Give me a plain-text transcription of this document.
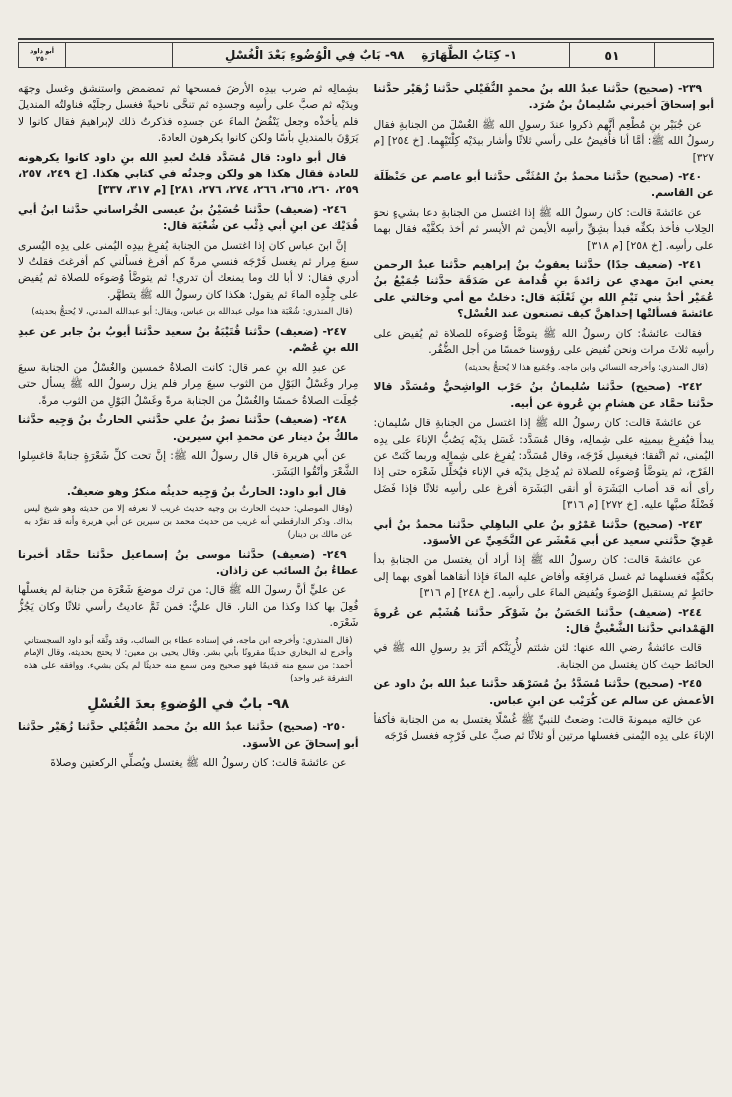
٥١
١- كِتَابُ الطَّهَارَةِ    ٩٨- بَابٌ فِي الْوُضُوءِ بَعْدَ الْغُسْلِ
أبو داود
٢٥٠

٢٣٩- (صحيح) حدَّثنا عبدُ الله بنُ محمدٍ النُّفَيْلي حدَّثنا زُهَيْر حدَّثنا أبو إسحاقَ أخبرني سُليمانُ بنُ صُرَد.

عن جُبَيْر بنِ مُطْعِم أنَّهم ذكروا عندَ رسولِ الله ﷺ الغُسْلَ من الجنابةِ فقال رسولُ الله ﷺ: أمَّا أنا فأُفيضُ على رأسي ثلاثًا وأشار بيدَيْه كِلْتَيْهِما. [خ ٢٥٤] [م ٣٢٧]

٢٤٠- (صحيح) حدَّثنا محمدُ بنُ المُثَنَّى حدَّثنا أبو عاصم عن حَنْظَلَة عن القاسم.

عن عائشةَ قالت: كان رسولُ الله ﷺ إذا اغتسل من الجنابةِ دعا بشيءٍ نحوَ الحِلاب فأخذ بكفِّه فبدأ بشِقِّ رأسِه الأيمن ثم الأيسر ثم أخذ بكفَّيْه فقال بهما على رأسِه. [خ ٢٥٨] [م ٣١٨]

٢٤١- (ضعيف جدًا) حدَّثنا يعقوبُ بنُ إبراهيم حدَّثنا عبدُ الرحمن يعني ابنَ مهدي عن زائدةَ بنِ قُدامة عن صَدَقَة حدَّثنا جُمَيْعُ بنُ عُمَيْر أحدُ بني تَيْمِ الله بنِ ثَعْلَبَة قال: دخلتُ مع أمي وخالتي على عائشةَ فسألتْها إحداهنَّ كيف تصنعون عند الغُسْل؟

فقالت عائشةُ: كان رسولُ الله ﷺ يتوضَّأ وُضوءَه للصلاة ثم يُفيض على رأسِه ثلاثَ مرات ونحن نُفيض على رؤوسنا خمسًا من أجل الضُّفُر.

(قال المنذري: وأخرجه النسائي وابن ماجه. وجُمَيع هذا لا يُحتجُّ بحديثه)

٢٤٢- (صحيح) حدَّثنا سُليمانُ بنُ حَرْب الواشِحيُّ ومُسَدَّد قالا حدَّثنا حمَّاد عن هشامِ بنِ عُروة عن أبيه.

عن عائشةَ قالت: كان رسولُ الله ﷺ إذا اغتسل من الجنابةِ قال سُليمان: يبدأ فيُفرِغ بيمينِه على شِمالِه، وقال مُسَدَّد: غَسَل يدَيْه يَصُبُّ الإناءَ على يدِه اليُمنى، ثم اتَّفقا: فيغسِل فَرْجَه، وقال مُسَدَّد: يُفرِغ على شِمالِه وربما كَنَتْ عن الفَرْج، ثم يتوضَّأ وُضوءَه للصلاة ثم يُدخِل يدَيْه في الإناء فيُخلِّل شَعْرَه حتى إذا رأى أنه قد أصاب البَشَرَة أو أنقى البَشَرَة أفرغ على رأسِه ثلاثًا فإذا فَضَل فَضْلَةٌ صبَّها عليه. [خ ٢٧٢] [م ٣١٦]

٢٤٣- (صحيح) حدَّثنا عَمْرُو بنُ علي الباهِلي حدَّثنا محمدُ بنُ أبي عَدِيّ حدَّثني سعيد عن أبي مَعْشَر عن النَّخَعِيِّ عن الأسوَد.

عن عائشةَ قالت: كان رسولُ الله ﷺ إذا أراد أن يغتسل من الجنابةِ بدأ بكفَّيْه فغسلهما ثم غسل مَرافِغَه وأفاض عليه الماءَ فإذا أنقاهما أهوى بهما إلى حائطٍ ثم يستقبل الوُضوءَ ويُفيض الماءَ على رأسِه. [خ ٢٤٨] [م ٣١٦]

٢٤٤- (ضعيف) حدَّثنا الحَسَنُ بنُ شَوْكَر حدَّثنا هُشَيْم عن عُروةَ الهَمْداني حدَّثنا الشَّعْبيُّ قال:

قالت عائشةُ رضي الله عنها: لئن شئتم لأُرِيَنَّكم أثَرَ يدِ رسولِ الله ﷺ في الحائط حيث كان يغتسل من الجنابة.

٢٤٥- (صحيح) حدَّثنا مُسَدَّدُ بنُ مُسَرْهَد حدَّثنا عبدُ الله بنُ داود عن الأعمش عن سالم عن كُرَيْب عن ابنِ عباس.

عن خالتِه ميمونةَ قالت: وضعتُ للنبيِّ ﷺ غُسْلًا يغتسل به من الجنابة فأكفأ الإناءَ على يدِه اليُمنى فغسلها مرتين أو ثلاثًا ثم صبَّ على فَرْجِه فغسل فَرْجَه

بشِمالِه ثم ضرب بيدِه الأرضَ فمسحها ثم تمضمض واستنشق وغسل وجهَه ويدَيْه ثم صبَّ على رأسِه وجسدِه ثم تنحَّى ناحيةً فغسل رجلَيْه فناولتُه المنديلَ فلم يأخذْه وجعل يَنْفُضُ الماءَ عن جسدِه فذكرتُ ذلك لإبراهيمَ فقال كانوا لا يَرَوْنَ بالمنديلِ بأسًا ولكن كانوا يكرهون العادةَ.

قال أبو داود: قال مُسَدَّد قلتُ لعبدِ الله بنِ داود كانوا يكرهونه للعادة فقال هكذا هو ولكن وجدتُه في كتابي هكذا. [خ ٢٤٩، ٢٥٧، ٢٥٩، ٢٦٠، ٢٦٥، ٢٦٦، ٢٧٤، ٢٧٦، ٢٨١] [م ٣١٧، ٣٣٧]

٢٤٦- (ضعيف) حدَّثنا حُسَيْنُ بنُ عيسى الخُراساني حدَّثنا ابنُ أبي فُدَيْك عن ابنِ أبي ذِئْب عن شُعْبَة قال:

إنَّ ابنَ عباس كان إذا اغتسل من الجنابة يُفرِغ بيدِه اليُمنى على يدِه اليُسرى سبعَ مِرار ثم يغسل فَرْجَه فنسي مرةً كم أفرغ فسألني كم أفرغتَ فقلتُ لا أدري فقال: لا أبا لك وما يمنعك أن تدري! ثم يتوضَّأ وُضوءَه للصلاة ثم يُفيض على جِلْدِه الماءَ ثم يقول: هكذا كان رسولُ الله ﷺ يتطهَّر.

(قال المنذري: شُعْبَة هذا مولى عبدالله بن عباس، ويقال: أبو عبدالله المدني، لا يُحتجُّ بحديثه)

٢٤٧- (ضعيف) حدَّثنا قُتَيْبَةُ بنُ سعيد حدَّثنا أيوبُ بنُ جابر عن عبدِ الله بنِ عُصْم.

عن عبدِ الله بنِ عمر قال: كانت الصلاةُ خمسين والغُسْلُ من الجنابة سبعَ مِرار وغَسْلُ البَوْلِ من الثوب سبعَ مِرار فلم يزل رسولُ الله ﷺ يسأل حتى جُعِلَت الصلاةُ خمسًا والغُسْلُ من الجنابة مرةً وغَسْلُ البَوْلِ من الثوب مرةً.

٢٤٨- (ضعيف) حدَّثنا نصرُ بنُ علي حدَّثني الحارثُ بنُ وَجِيه حدَّثنا مالكُ بنُ دينار عن محمدِ ابنِ سيرين.

عن أبي هريرة قال قال رسولُ الله ﷺ: إنَّ تحت كلِّ شَعْرَةٍ جنابةً فاغسِلوا الشَّعْرَ وأنْقُوا البَشَرَ.

قال أبو داود: الحارثُ بنُ وَجِيه حديثُه منكرٌ وهو ضعيفٌ.

(وقال الموصلي: حديث الحارث بن وجيه حديث غريب لا نعرفه إلا من حديثه وهو شيخ ليس بذاك. وذكر الدارقطني أنه غريب من حديث محمد بن سيرين عن أبي هريرة وأنه قد تفرَّد به عن مالك بن دينار)

٢٤٩- (ضعيف) حدَّثنا موسى بنُ إسماعيل حدَّثنا حمَّاد أخبرنا عطاءُ بنُ السائب عن زاذان.

عن عليٍّ أنَّ رسولَ الله ﷺ قال: من ترك موضعَ شَعْرَة من جنابة لم يغسلْها فُعِلَ بها كذا وكذا من النار. قال عليٌّ: فمن ثَمَّ عاديتُ رأسي ثلاثًا وكان يَجُزُّ شَعْرَه.

(قال المنذري: وأخرجه ابن ماجه، في إسناده عطاء بن السائب، وقد وثَّقه أبو داود السجستاني وأخرج له البخاري حديثًا مقرونًا بأبي بشر. وقال يحيى بن معين: لا يحتج بحديثه، وقال الإمام أحمد: من سمع منه قديمًا فهو صحيح ومن سمع منه حديثًا لم يكن بشيء. ووافقه على هذه التفرقة غير واحد)

٩٨- بابٌ في الوُضوءِ بعدَ الغُسْلِ

٢٥٠- (صحيح) حدَّثنا عبدُ الله بنُ محمد النُّفَيْلي حدَّثنا زُهَيْر حدَّثنا أبو إسحاقَ عن الأسوَد.

عن عائشةَ قالت: كان رسولُ الله ﷺ يغتسل ويُصلِّي الركعتين وصلاةَ
